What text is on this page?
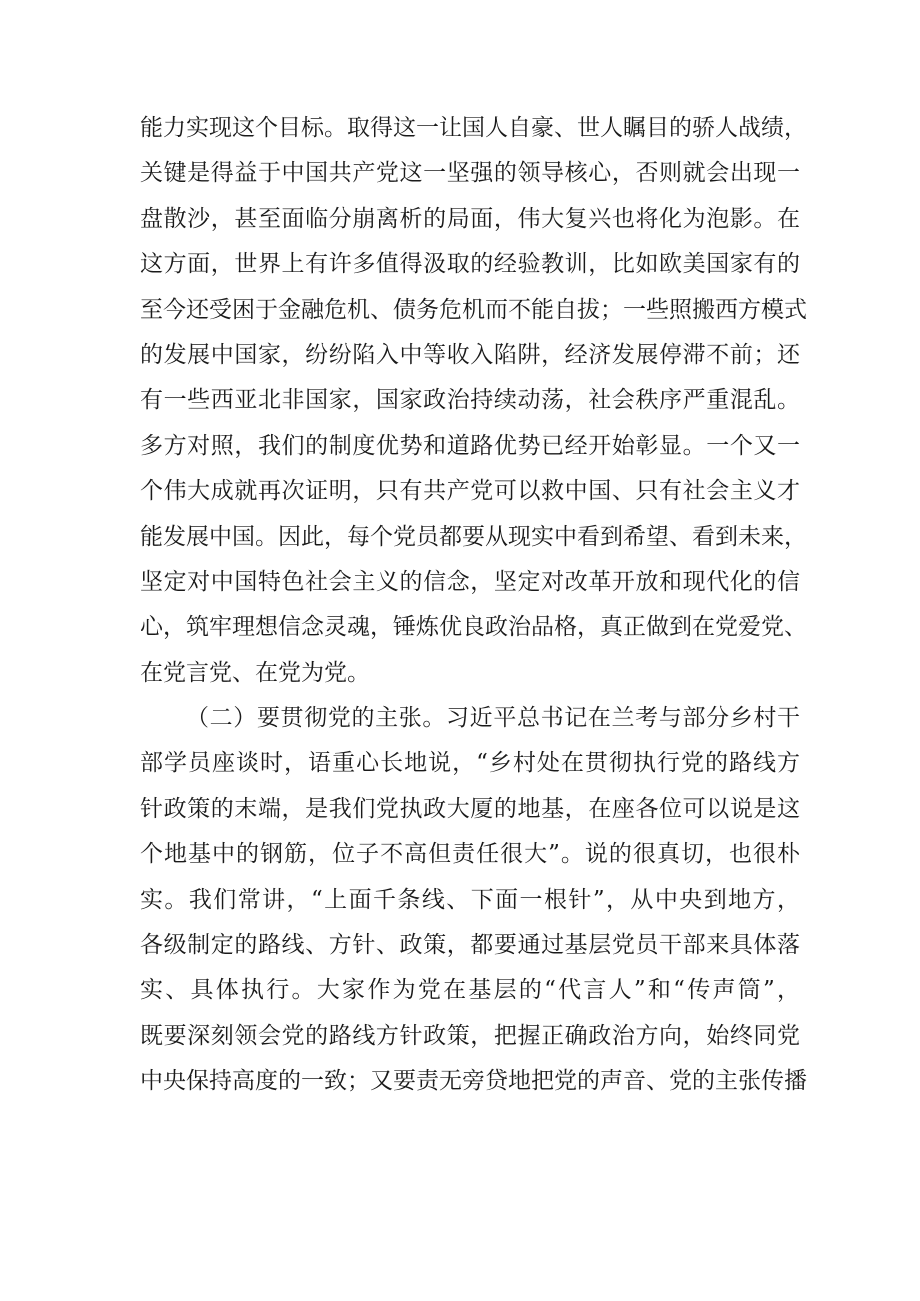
能力实现这个目标。取得这一让国人自豪、世人瞩目的骄人战绩，
关键是得益于中国共产党这一坚强的领导核心，否则就会出现一
盘散沙，甚至面临分崩离析的局面，伟大复兴也将化为泡影。在
这方面，世界上有许多值得汲取的经验教训，比如欧美国家有的
至今还受困于金融危机、债务危机而不能自拔；一些照搬西方模式
的发展中国家，纷纷陷入中等收入陷阱，经济发展停滞不前；还
有一些西亚北非国家，国家政治持续动荡，社会秩序严重混乱。
多方对照，我们的制度优势和道路优势已经开始彰显。一个又一
个伟大成就再次证明，只有共产党可以救中国、只有社会主义才
能发展中国。因此，每个党员都要从现实中看到希望、看到未来，
坚定对中国特色社会主义的信念，坚定对改革开放和现代化的信
心，筑牢理想信念灵魂，锤炼优良政治品格，真正做到在党爱党、
在党言党、在党为党。
（二）要贯彻党的主张。习近平总书记在兰考与部分乡村干
部学员座谈时，语重心长地说，“乡村处在贯彻执行党的路线方
针政策的末端，是我们党执政大厦的地基，在座各位可以说是这
个地基中的钢筋，位子不高但责任很大”。说的很真切，也很朴
实。我们常讲，“上面千条线、下面一根针”，从中央到地方，
各级制定的路线、方针、政策，都要通过基层党员干部来具体落
实、具体执行。大家作为党在基层的“代言人”和“传声筒”，
既要深刻领会党的路线方针政策，把握正确政治方向，始终同党
中央保持高度的一致；又要责无旁贷地把党的声音、党的主张传播
